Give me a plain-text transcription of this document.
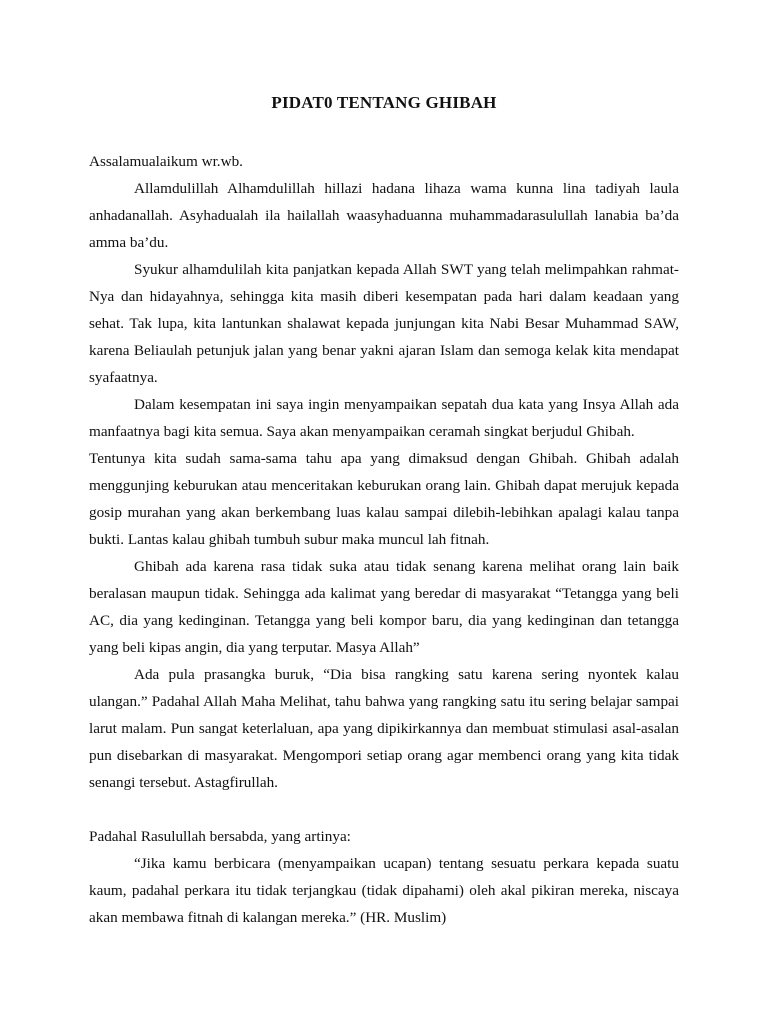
PIDAT0 TENTANG GHIBAH

Assalamualaikum wr.wb.

Allamdulillah Alhamdulillah hillazi hadana lihaza wama kunna lina tadiyah laula anhadanallah. Asyhadualah ila hailallah waasyhaduanna muhammadarasulullah lanabia ba’da amma ba’du.

Syukur alhamdulilah kita panjatkan kepada Allah SWT yang telah melimpahkan rahmat-Nya dan hidayahnya, sehingga kita masih diberi kesempatan pada hari dalam keadaan yang sehat. Tak lupa, kita lantunkan shalawat kepada junjungan kita Nabi Besar Muhammad SAW, karena Beliaulah petunjuk jalan yang benar yakni ajaran Islam dan semoga kelak kita mendapat syafaatnya.

Dalam kesempatan ini saya ingin menyampaikan sepatah dua kata yang Insya Allah ada manfaatnya bagi kita semua. Saya akan menyampaikan ceramah singkat berjudul Ghibah.

Tentunya kita sudah sama-sama tahu apa yang dimaksud dengan Ghibah. Ghibah adalah menggunjing keburukan atau menceritakan keburukan orang lain. Ghibah dapat merujuk kepada gosip murahan yang akan berkembang luas kalau sampai dilebih-lebihkan apalagi kalau tanpa bukti. Lantas kalau ghibah tumbuh subur maka muncul lah fitnah.

Ghibah ada karena rasa tidak suka atau tidak senang karena melihat orang lain baik beralasan maupun tidak. Sehingga ada kalimat yang beredar di masyarakat “Tetangga yang beli AC, dia yang kedinginan. Tetangga yang beli kompor baru, dia yang kedinginan dan tetangga yang beli kipas angin, dia yang terputar. Masya Allah”

Ada pula prasangka buruk, “Dia bisa rangking satu karena sering nyontek kalau ulangan.” Padahal Allah Maha Melihat, tahu bahwa yang rangking satu itu sering belajar sampai larut malam. Pun sangat keterlaluan, apa yang dipikirkannya dan membuat stimulasi asal-asalan pun disebarkan di masyarakat. Mengompori setiap orang agar membenci orang yang kita tidak senangi tersebut. Astagfirullah.

Padahal Rasulullah bersabda, yang artinya:

“Jika kamu berbicara (menyampaikan ucapan) tentang sesuatu perkara kepada suatu kaum, padahal perkara itu tidak terjangkau (tidak dipahami) oleh akal pikiran mereka, niscaya akan membawa fitnah di kalangan mereka.” (HR. Muslim)
